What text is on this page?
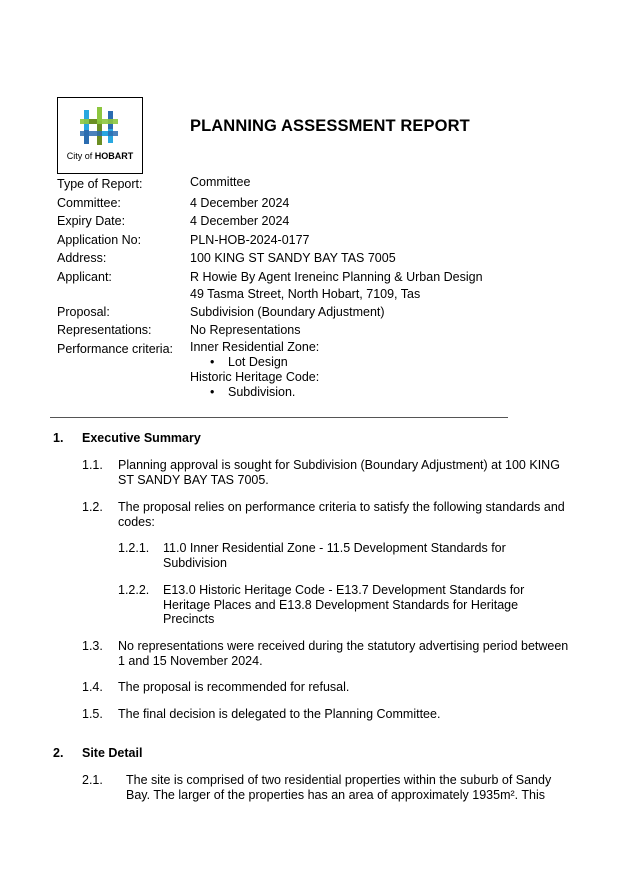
City of HOBART
PLANNING ASSESSMENT REPORT
Type of Report:	Committee
Committee:	4 December 2024
Expiry Date:	4 December 2024
Application No:	PLN-HOB-2024-0177
Address:	100 KING ST SANDY BAY TAS 7005
Applicant:	R Howie By Agent Ireneinc Planning & Urban Design
49 Tasma Street, North Hobart, 7109, Tas
Proposal:	Subdivision (Boundary Adjustment)
Representations:	No Representations
Performance criteria: Inner Residential Zone:
• Lot Design
Historic Heritage Code:
• Subdivision.
1. Executive Summary
1.1. Planning approval is sought for Subdivision (Boundary Adjustment) at 100 KING
ST SANDY BAY TAS 7005.
1.2. The proposal relies on performance criteria to satisfy the following standards and
codes:
1.2.1. 11.0 Inner Residential Zone - 11.5 Development Standards for
Subdivision
1.2.2. E13.0 Historic Heritage Code - E13.7 Development Standards for
Heritage Places and E13.8 Development Standards for Heritage
Precincts
1.3. No representations were received during the statutory advertising period between
1 and 15 November 2024.
1.4. The proposal is recommended for refusal.
1.5. The final decision is delegated to the Planning Committee.
2. Site Detail
2.1. The site is comprised of two residential properties within the suburb of Sandy
Bay. The larger of the properties has an area of approximately 1935m². This
